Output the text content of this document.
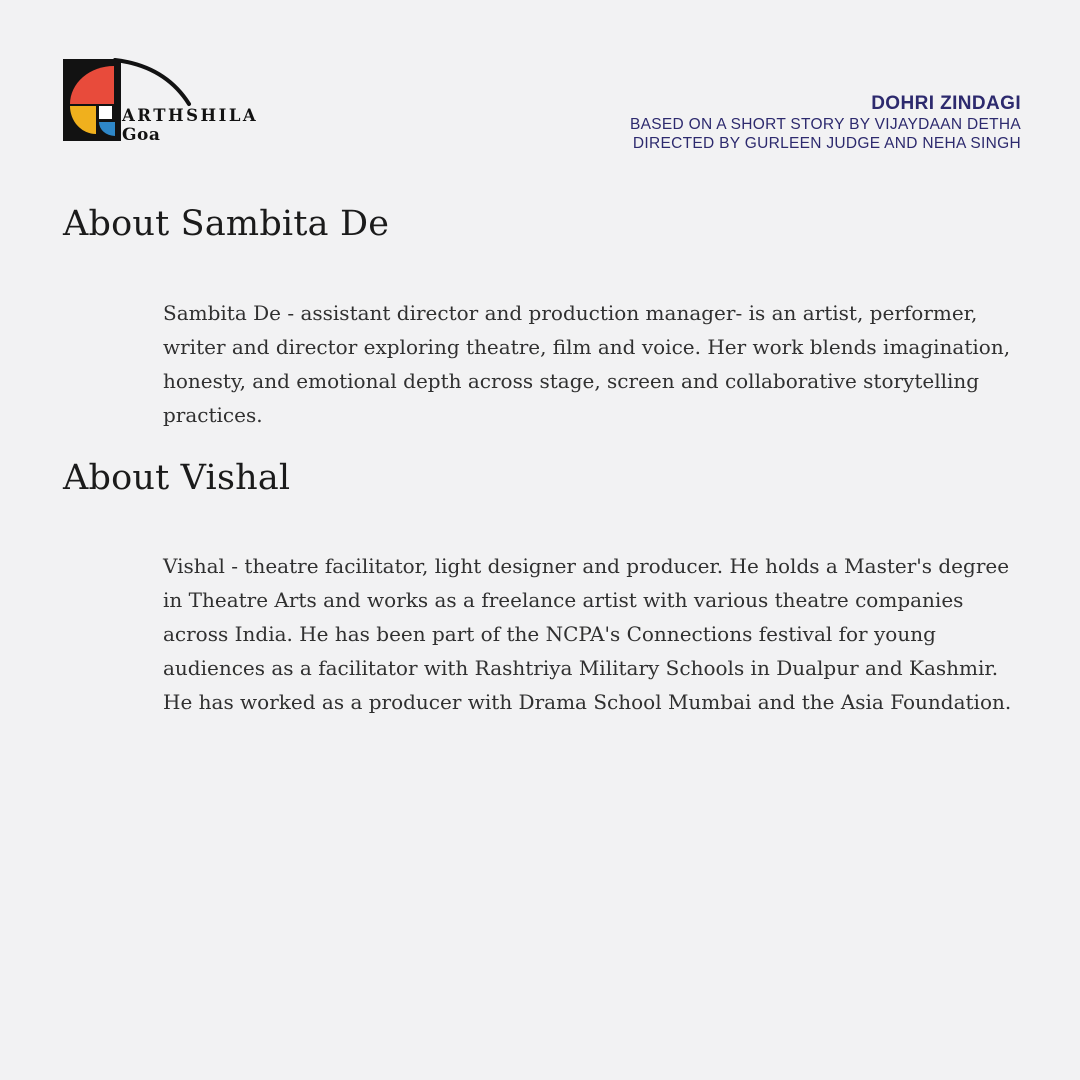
ARTHSHILA
Goa
DOHRI ZINDAGI
BASED ON A SHORT STORY BY VIJAYDAAN DETHA
DIRECTED BY GURLEEN JUDGE AND NEHA SINGH
About Sambita De

Sambita De - assistant director and production manager- is an artist, performer, writer and director exploring theatre, film and voice. Her work blends imagination, honesty, and emotional depth across stage, screen and collaborative storytelling practices.

About Vishal

Vishal - theatre facilitator, light designer and producer. He holds a Master's degree in Theatre Arts and works as a freelance artist with various theatre companies across India. He has been part of the NCPA's Connections festival for young audiences as a facilitator with Rashtriya Military Schools in Dualpur and Kashmir. He has worked as a producer with Drama School Mumbai and the Asia Foundation.
